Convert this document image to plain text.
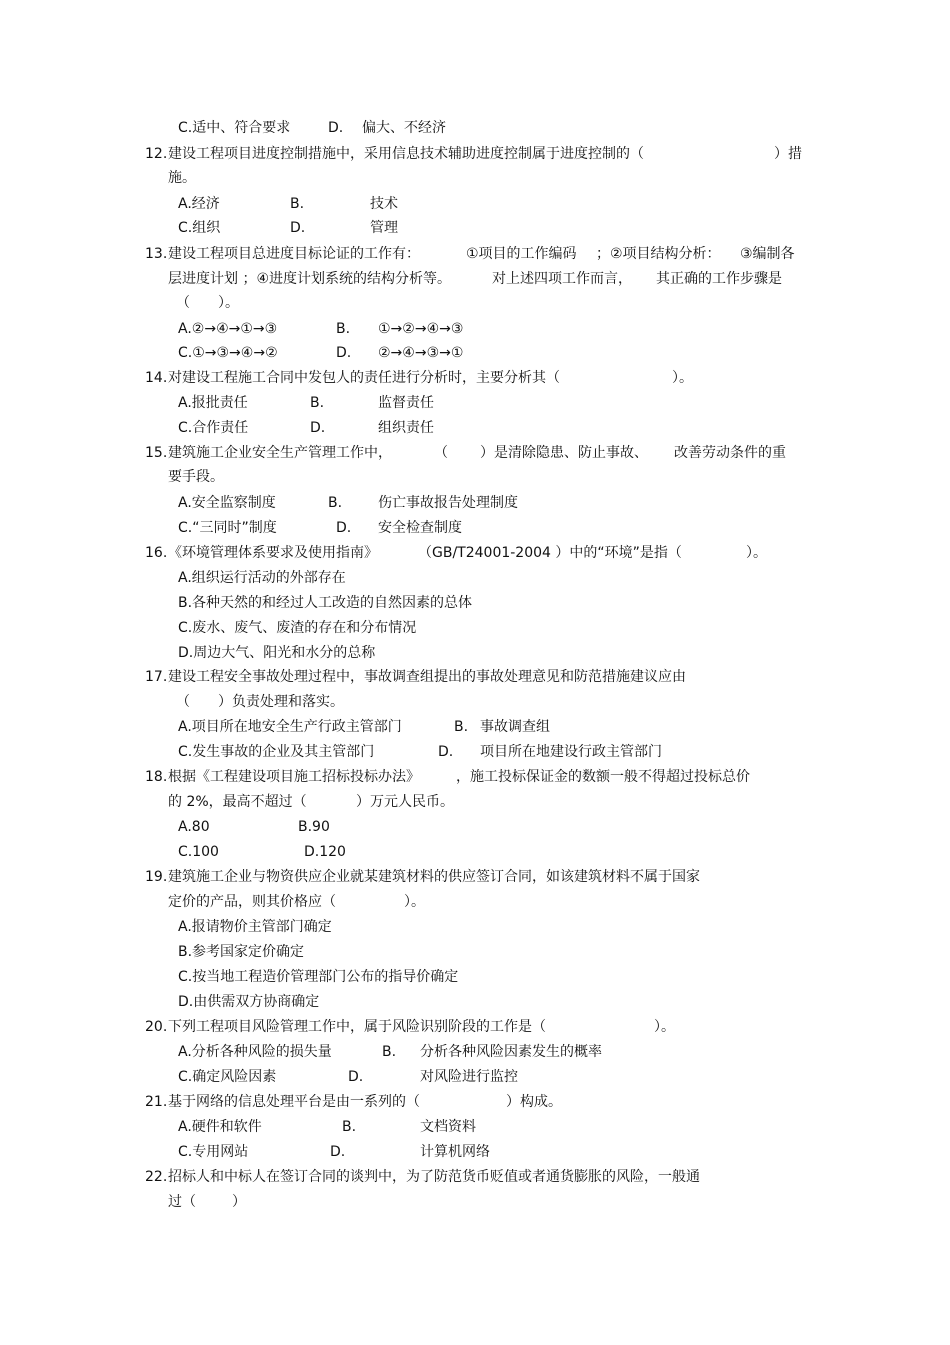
C.适中、符合要求	D. 偏大、不经济
12. 建设工程项目进度控制措施中，采用信息技术辅助进度控制属于进度控制的（	）措
施。
A.经济	B.	技术
C.组织	D.	管理
13. 建设工程项目总进度目标论证的工作有：	①项目的工作编码 ；②项目结构分析： ③编制各
层进度计划 ；④进度计划系统的结构分析等。	对上述四项工作而言， 其正确的工作步骤是
（ ）。
A.②→④→①→③	B. ①→②→④→③
C.①→③→④→②	D. ②→④→③→①
14. 对建设工程施工合同中发包人的责任进行分析时，主要分析其（	）。
A.报批责任	B.	监督责任
C.合作责任	D.	组织责任
15. 建筑施工企业安全生产管理工作中，	（ ）是清除隐患、防止事故、 改善劳动条件的重
要手段。
A.安全监察制度	B.	伤亡事故报告处理制度
C.“三同时”制度	D. 安全检查制度
16. 《环境管理体系要求及使用指南》	（GB/T24001-2004 ）中的“环境”是指（	）。
A.组织运行活动的外部存在
B.各种天然的和经过人工改造的自然因素的总体
C.废水、废气、废渣的存在和分布情况
D.周边大气、阳光和水分的总称
17. 建设工程安全事故处理过程中，事故调查组提出的事故处理意见和防范措施建议应由
（ ）负责处理和落实。
A.项目所在地安全生产行政主管部门	B. 事故调查组
C.发生事故的企业及其主管部门	D. 项目所在地建设行政主管部门
18. 根据《工程建设项目施工招标投标办法》	，施工投标保证金的数额一般不得超过投标总价
的 2%，最高不超过（	）万元人民币。
A.80	B.90
C.100	D.120
19. 建筑施工企业与物资供应企业就某建筑材料的供应签订合同，如该建筑材料不属于国家
定价的产品，则其价格应（	）。
A.报请物价主管部门确定
B.参考国家定价确定
C.按当地工程造价管理部门公布的指导价确定
D.由供需双方协商确定
20. 下列工程项目风险管理工作中，属于风险识别阶段的工作是（	）。
A.分析各种风险的损失量	B. 分析各种风险因素发生的概率
C.确定风险因素	D.	对风险进行监控
21. 基于网络的信息处理平台是由一系列的（	）构成。
A.硬件和软件	B.	文档资料
C.专用网站	D.	计算机网络
22. 招标人和中标人在签订合同的谈判中，为了防范货币贬值或者通货膨胀的风险，一般通
过（	）
